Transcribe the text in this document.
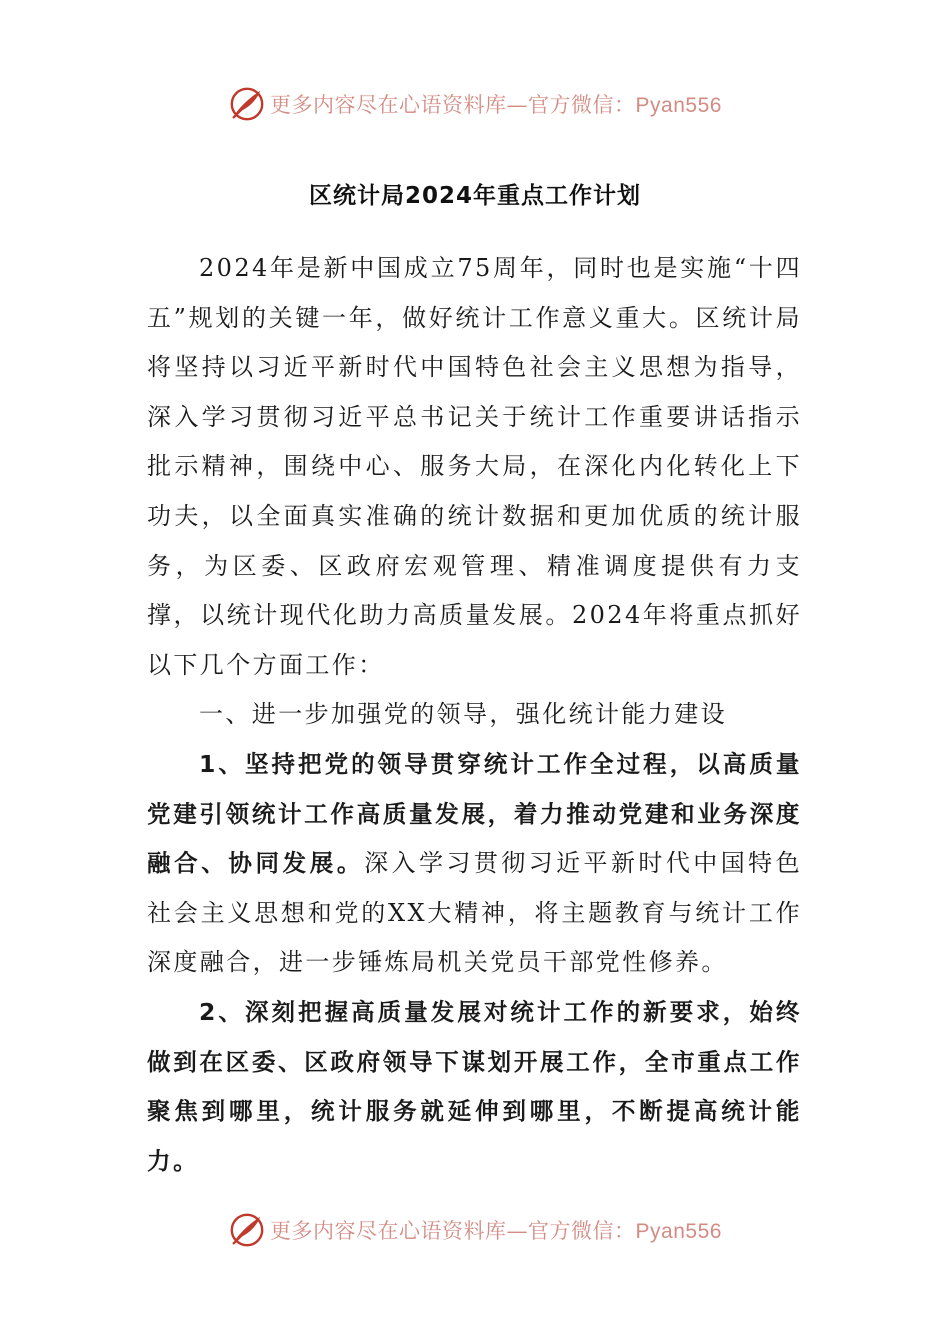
更多内容尽在心语资料库—官方微信：Pyan556
区统计局2024年重点工作计划

2024年是新中国成立75周年，同时也是实施“十四五”规划的关键一年，做好统计工作意义重大。区统计局将坚持以习近平新时代中国特色社会主义思想为指导，深入学习贯彻习近平总书记关于统计工作重要讲话指示批示精神，围绕中心、服务大局，在深化内化转化上下功夫，以全面真实准确的统计数据和更加优质的统计服务，为区委、区政府宏观管理、精准调度提供有力支撑，以统计现代化助力高质量发展。2024年将重点抓好以下几个方面工作：

一、进一步加强党的领导，强化统计能力建设

1、坚持把党的领导贯穿统计工作全过程，以高质量党建引领统计工作高质量发展，着力推动党建和业务深度融合、协同发展。深入学习贯彻习近平新时代中国特色社会主义思想和党的XX大精神，将主题教育与统计工作深度融合，进一步锤炼局机关党员干部党性修养。

2、深刻把握高质量发展对统计工作的新要求，始终做到在区委、区政府领导下谋划开展工作，全市重点工作聚焦到哪里，统计服务就延伸到哪里，不断提高统计能力。

更多内容尽在心语资料库—官方微信：Pyan556
